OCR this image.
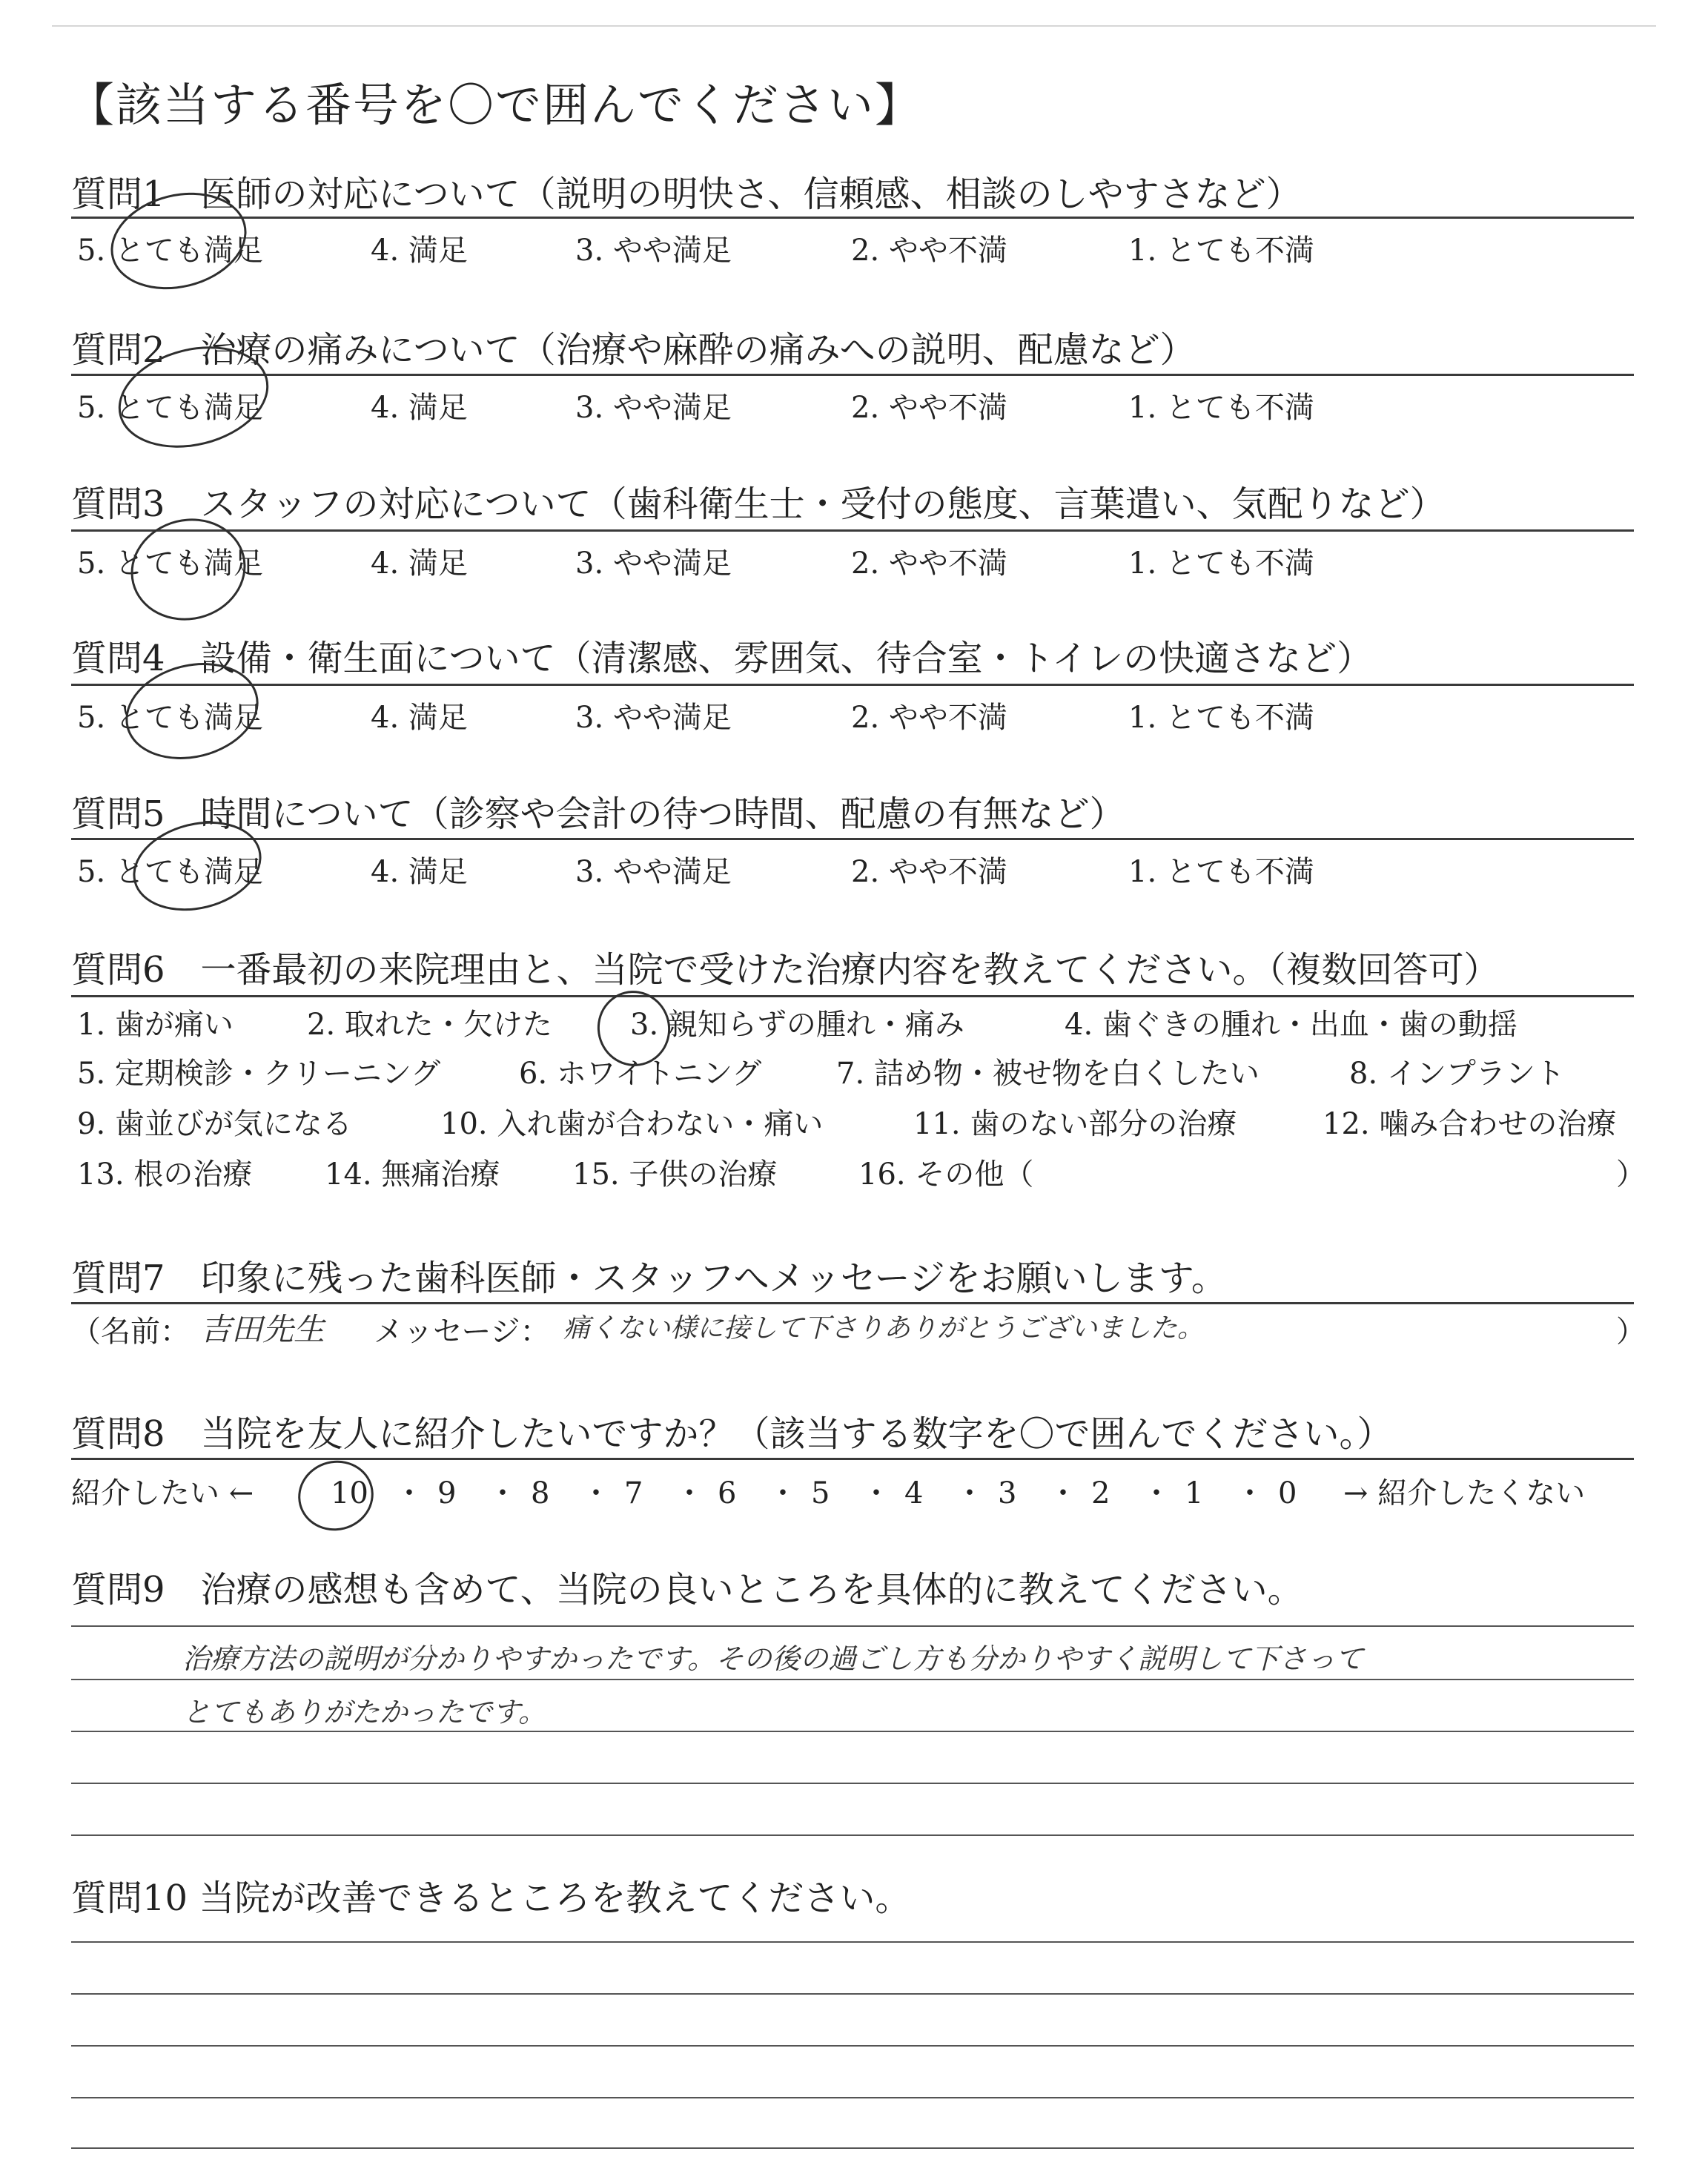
【該当する番号を〇で囲んでください】
質問1　医師の対応について（説明の明快さ、信頼感、相談のしやすさなど）
5. とても満足	4. 満足	3. やや満足	2. やや不満	1. とても不満
質問2　治療の痛みについて（治療や麻酔の痛みへの説明、配慮など）
5. とても満足	4. 満足	3. やや満足	2. やや不満	1. とても不満
質問3　スタッフの対応について（歯科衛生士・受付の態度、言葉遣い、気配りなど）
5. とても満足	4. 満足	3. やや満足	2. やや不満	1. とても不満
質問4　設備・衛生面について（清潔感、雰囲気、待合室・トイレの快適さなど）
5. とても満足	4. 満足	3. やや満足	2. やや不満	1. とても不満
質問5　時間について（診察や会計の待つ時間、配慮の有無など）
5. とても満足	4. 満足	3. やや満足	2. やや不満	1. とても不満
質問6　一番最初の来院理由と、当院で受けた治療内容を教えてください。（複数回答可）
1. 歯が痛い 2. 取れた・欠けた	3. 親知らずの腫れ・痛み	4. 歯ぐきの腫れ・出血・歯の動揺
5. 定期検診・クリーニング	6. ホワイトニング	7. 詰め物・被せ物を白くしたい	8. インプラント
9. 歯並びが気になる	10. 入れ歯が合わない・痛い	11. 歯のない部分の治療	12. 噛み合わせの治療
13. 根の治療 14. 無痛治療 15. 子供の治療	16. その他（	）
質問7　印象に残った歯科医師・スタッフへメッセージをお願いします。
（名前： 吉田先生 メッセージ： 痛くない様に接して下さりありがとうございました。	）
質問8　当院を友人に紹介したいですか？（該当する数字を〇で囲んでください。）
紹介したい ←	10 ・ 9 ・ 8 ・ 7 ・ 6 ・ 5 ・ 4 ・ 3 ・ 2 ・ 1 ・ 0 → 紹介したくない
質問9　治療の感想も含めて、当院の良いところを具体的に教えてください。
治療方法の説明が分かりやすかったです。その後の過ごし方も分かりやすく説明して下さって
とてもありがたかったです。
質問10 当院が改善できるところを教えてください。
